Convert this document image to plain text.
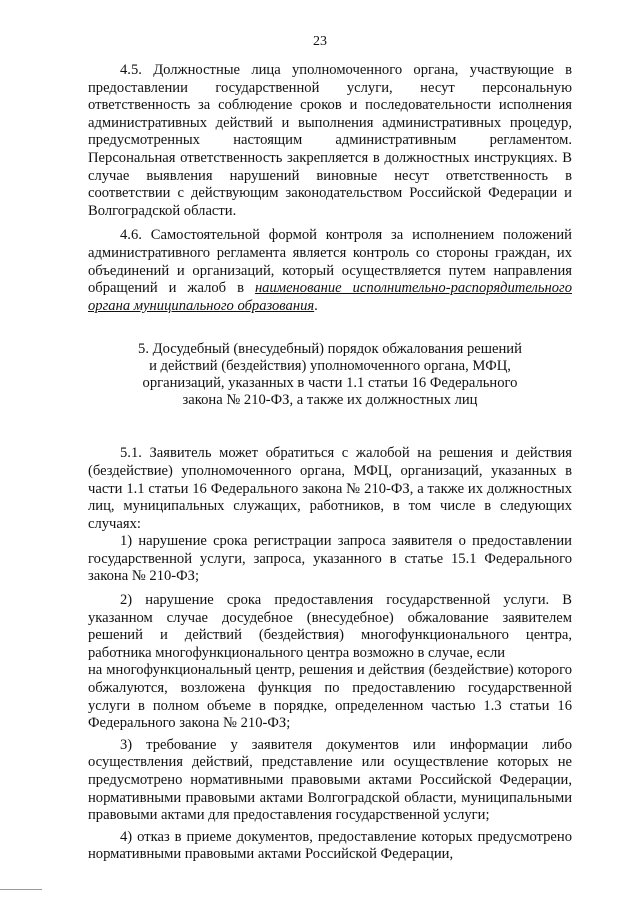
23

4.5. Должностные лица уполномоченного органа, участвующие в предоставлении государственной услуги, несут персональную ответственность за соблюдение сроков и последовательности исполнения административных действий и выполнения административных процедур, предусмотренных настоящим административным регламентом. Персональная ответственность закрепляется в должностных инструкциях. В случае выявления нарушений виновные несут ответственность в соответствии с действующим законодательством Российской Федерации и Волгоградской области.

4.6. Самостоятельной формой контроля за исполнением положений административного регламента является контроль со стороны граждан, их объединений и организаций, который осуществляется путем направления обращений и жалоб в наименование исполнительно-распорядительного органа муниципального образования.

5. Досудебный (внесудебный) порядок обжалования решений
и действий (бездействия) уполномоченного органа, МФЦ,
организаций, указанных в части 1.1 статьи 16 Федерального
закона № 210-ФЗ, а также их должностных лиц

5.1. Заявитель может обратиться с жалобой на решения и действия (бездействие) уполномоченного органа, МФЦ, организаций, указанных в части 1.1 статьи 16 Федерального закона № 210-ФЗ, а также их должностных лиц, муниципальных служащих, работников, в том числе в следующих случаях:

1) нарушение срока регистрации запроса заявителя о предоставлении государственной услуги, запроса, указанного в статье 15.1 Федерального закона № 210-ФЗ;

2) нарушение срока предоставления государственной услуги. В указанном случае досудебное (внесудебное) обжалование заявителем решений и действий (бездействия) многофункционального центра, работника многофункционального центра возможно в случае, если

на многофункциональный центр, решения и действия (бездействие) которого обжалуются, возложена функция по предоставлению государственной услуги в полном объеме в порядке, определенном частью 1.3 статьи 16 Федерального закона № 210-ФЗ;

3) требование у заявителя документов или информации либо осуществления действий, представление или осуществление которых не предусмотрено нормативными правовыми актами Российской Федерации, нормативными правовыми актами Волгоградской области, муниципальными правовыми актами для предоставления государственной услуги;

4) отказ в приеме документов, предоставление которых предусмотрено нормативными правовыми актами Российской Федерации,
